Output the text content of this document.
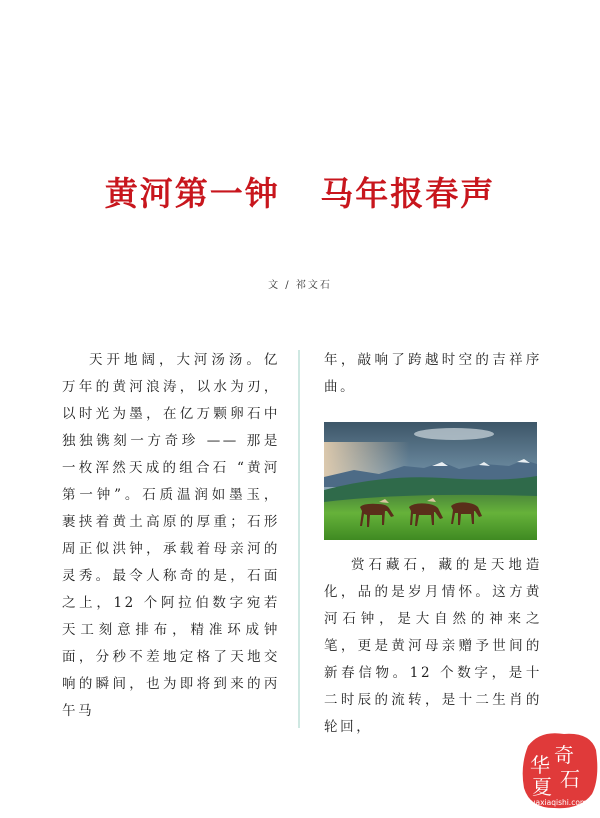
黄河第一钟   马年报春声
文 / 祁文石

天开地阔，大河汤汤。亿万年的黄河浪涛，以水为刃，以时光为墨，在亿万颗卵石中独独镌刻一方奇珍 —— 那是一枚浑然天成的组合石 “黄河第一钟”。石质温润如墨玉，裹挟着黄土高原的厚重；石形周正似洪钟，承载着母亲河的灵秀。最令人称奇的是，石面之上，12 个阿拉伯数字宛若天工刻意排布，精准环成钟面，分秒不差地定格了天地交响的瞬间，也为即将到来的丙午马

年，敲响了跨越时空的吉祥序曲。

赏石藏石，藏的是天地造化，品的是岁月情怀。这方黄河石钟，是大自然的神来之笔，更是黄河母亲赠予世间的新春信物。12 个数字，是十二时辰的流转，是十二生肖的轮回，

奇
华
石
夏
huaxiaqishi.com
